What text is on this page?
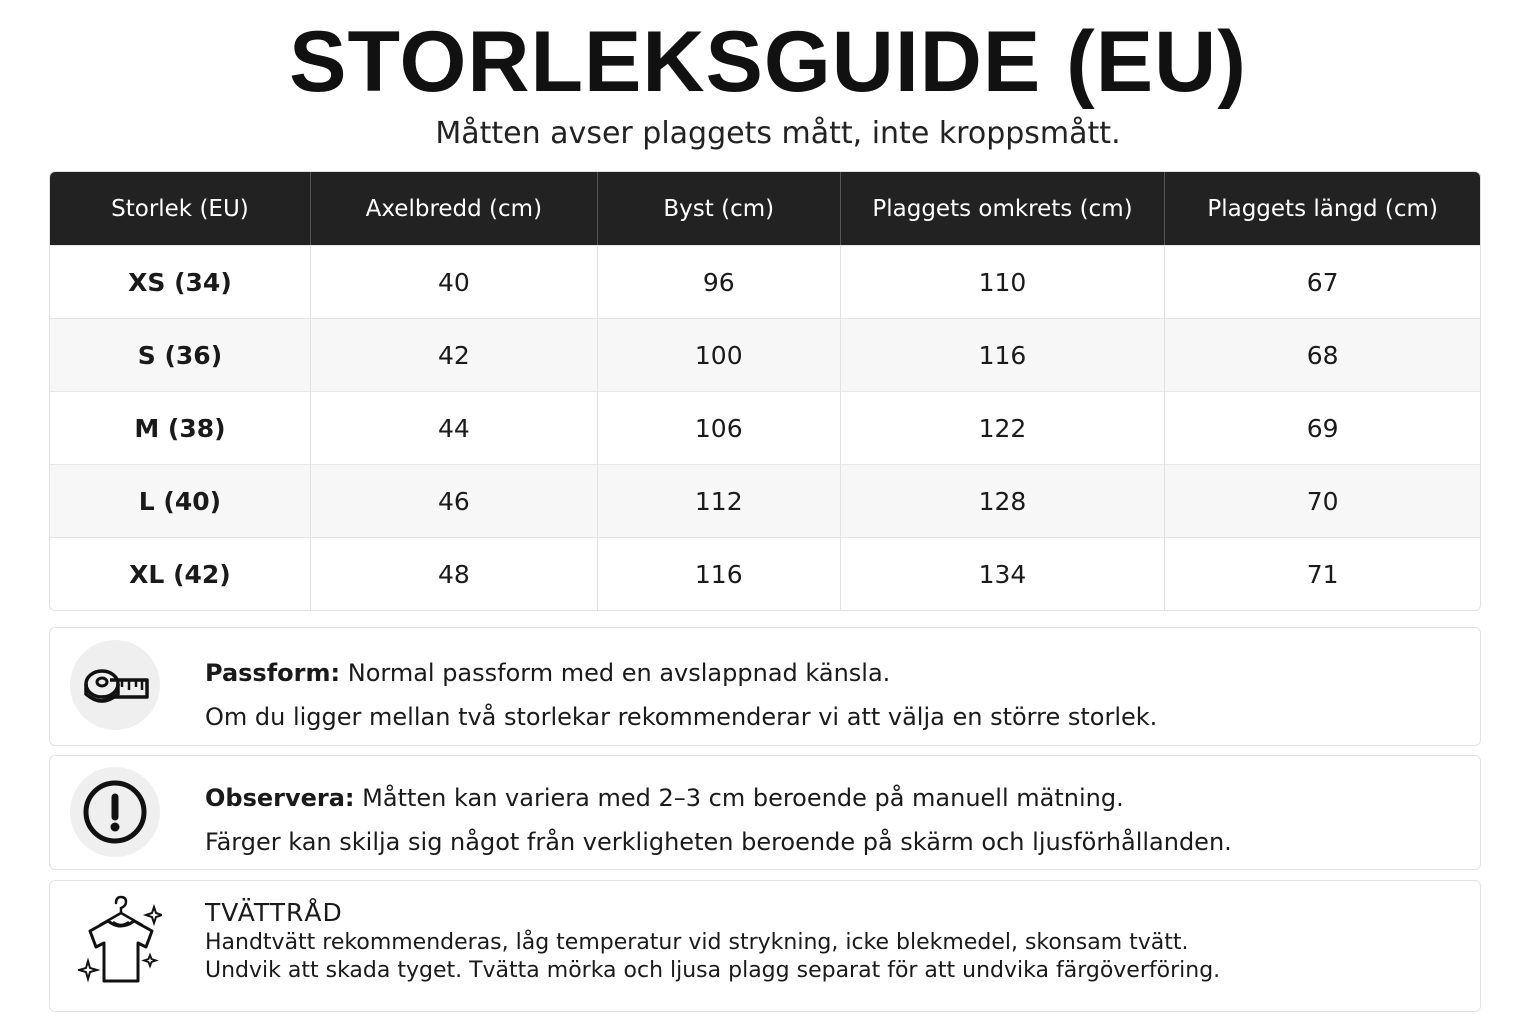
STORLEKSGUIDE (EU)
Måtten avser plaggets mått, inte kroppsmått.
Storlek (EU)	Axelbredd (cm)	Byst (cm)	Plaggets omkrets (cm)	Plaggets längd (cm)
XS (34)	40	96	110	67
S (36)	42	100	116	68
M (38)	44	106	122	69
L (40)	46	112	128	70
XL (42)	48	116	134	71
Passform: Normal passform med en avslappnad känsla.
Om du ligger mellan två storlekar rekommenderar vi att välja en större storlek.
Observera: Måtten kan variera med 2–3 cm beroende på manuell mätning.
Färger kan skilja sig något från verkligheten beroende på skärm och ljusförhållanden.
TVÄTTRÅD
Handtvätt rekommenderas, låg temperatur vid strykning, icke blekmedel, skonsam tvätt.
Undvik att skada tyget. Tvätta mörka och ljusa plagg separat för att undvika färgöverföring.
